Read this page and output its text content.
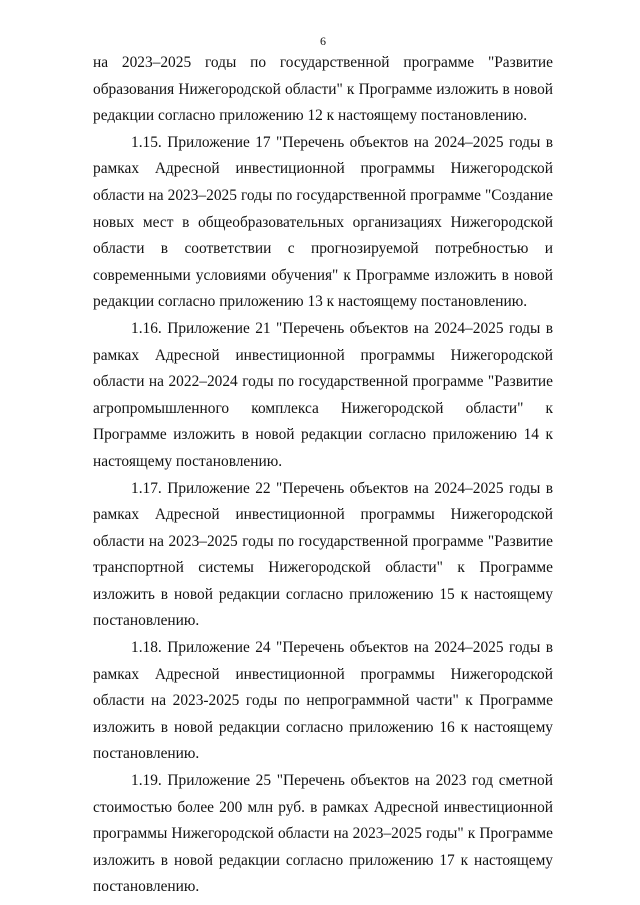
6

на 2023–2025 годы по государственной программе "Развитие образования Нижегородской области" к Программе изложить в новой редакции согласно приложению 12 к настоящему постановлению.

1.15. Приложение 17 "Перечень объектов на 2024–2025 годы в рамках Адресной инвестиционной программы Нижегородской области на 2023–2025 годы по государственной программе "Создание новых мест в общеобразовательных организациях Нижегородской области в соответствии с прогнозируемой потребностью и современными условиями обучения" к Программе изложить в новой редакции согласно приложению 13 к настоящему постановлению.

1.16. Приложение 21 "Перечень объектов на 2024–2025 годы в рамках Адресной инвестиционной программы Нижегородской области на 2022–2024 годы по государственной программе "Развитие агропромышленного комплекса Нижегородской области" к Программе изложить в новой редакции согласно приложению 14 к настоящему постановлению.

1.17. Приложение 22 "Перечень объектов на 2024–2025 годы в рамках Адресной инвестиционной программы Нижегородской области на 2023–2025 годы по государственной программе "Развитие транспортной системы Нижегородской области" к Программе изложить в новой редакции согласно приложению 15 к настоящему постановлению.

1.18. Приложение 24 "Перечень объектов на 2024–2025 годы в рамках Адресной инвестиционной программы Нижегородской области на 2023-2025 годы по непрограммной части" к Программе изложить в новой редакции согласно приложению 16 к настоящему постановлению.

1.19. Приложение 25 "Перечень объектов на 2023 год сметной стоимостью более 200 млн руб. в рамках Адресной инвестиционной программы Нижегородской области на 2023–2025 годы" к Программе изложить в новой редакции согласно приложению 17 к настоящему постановлению.
